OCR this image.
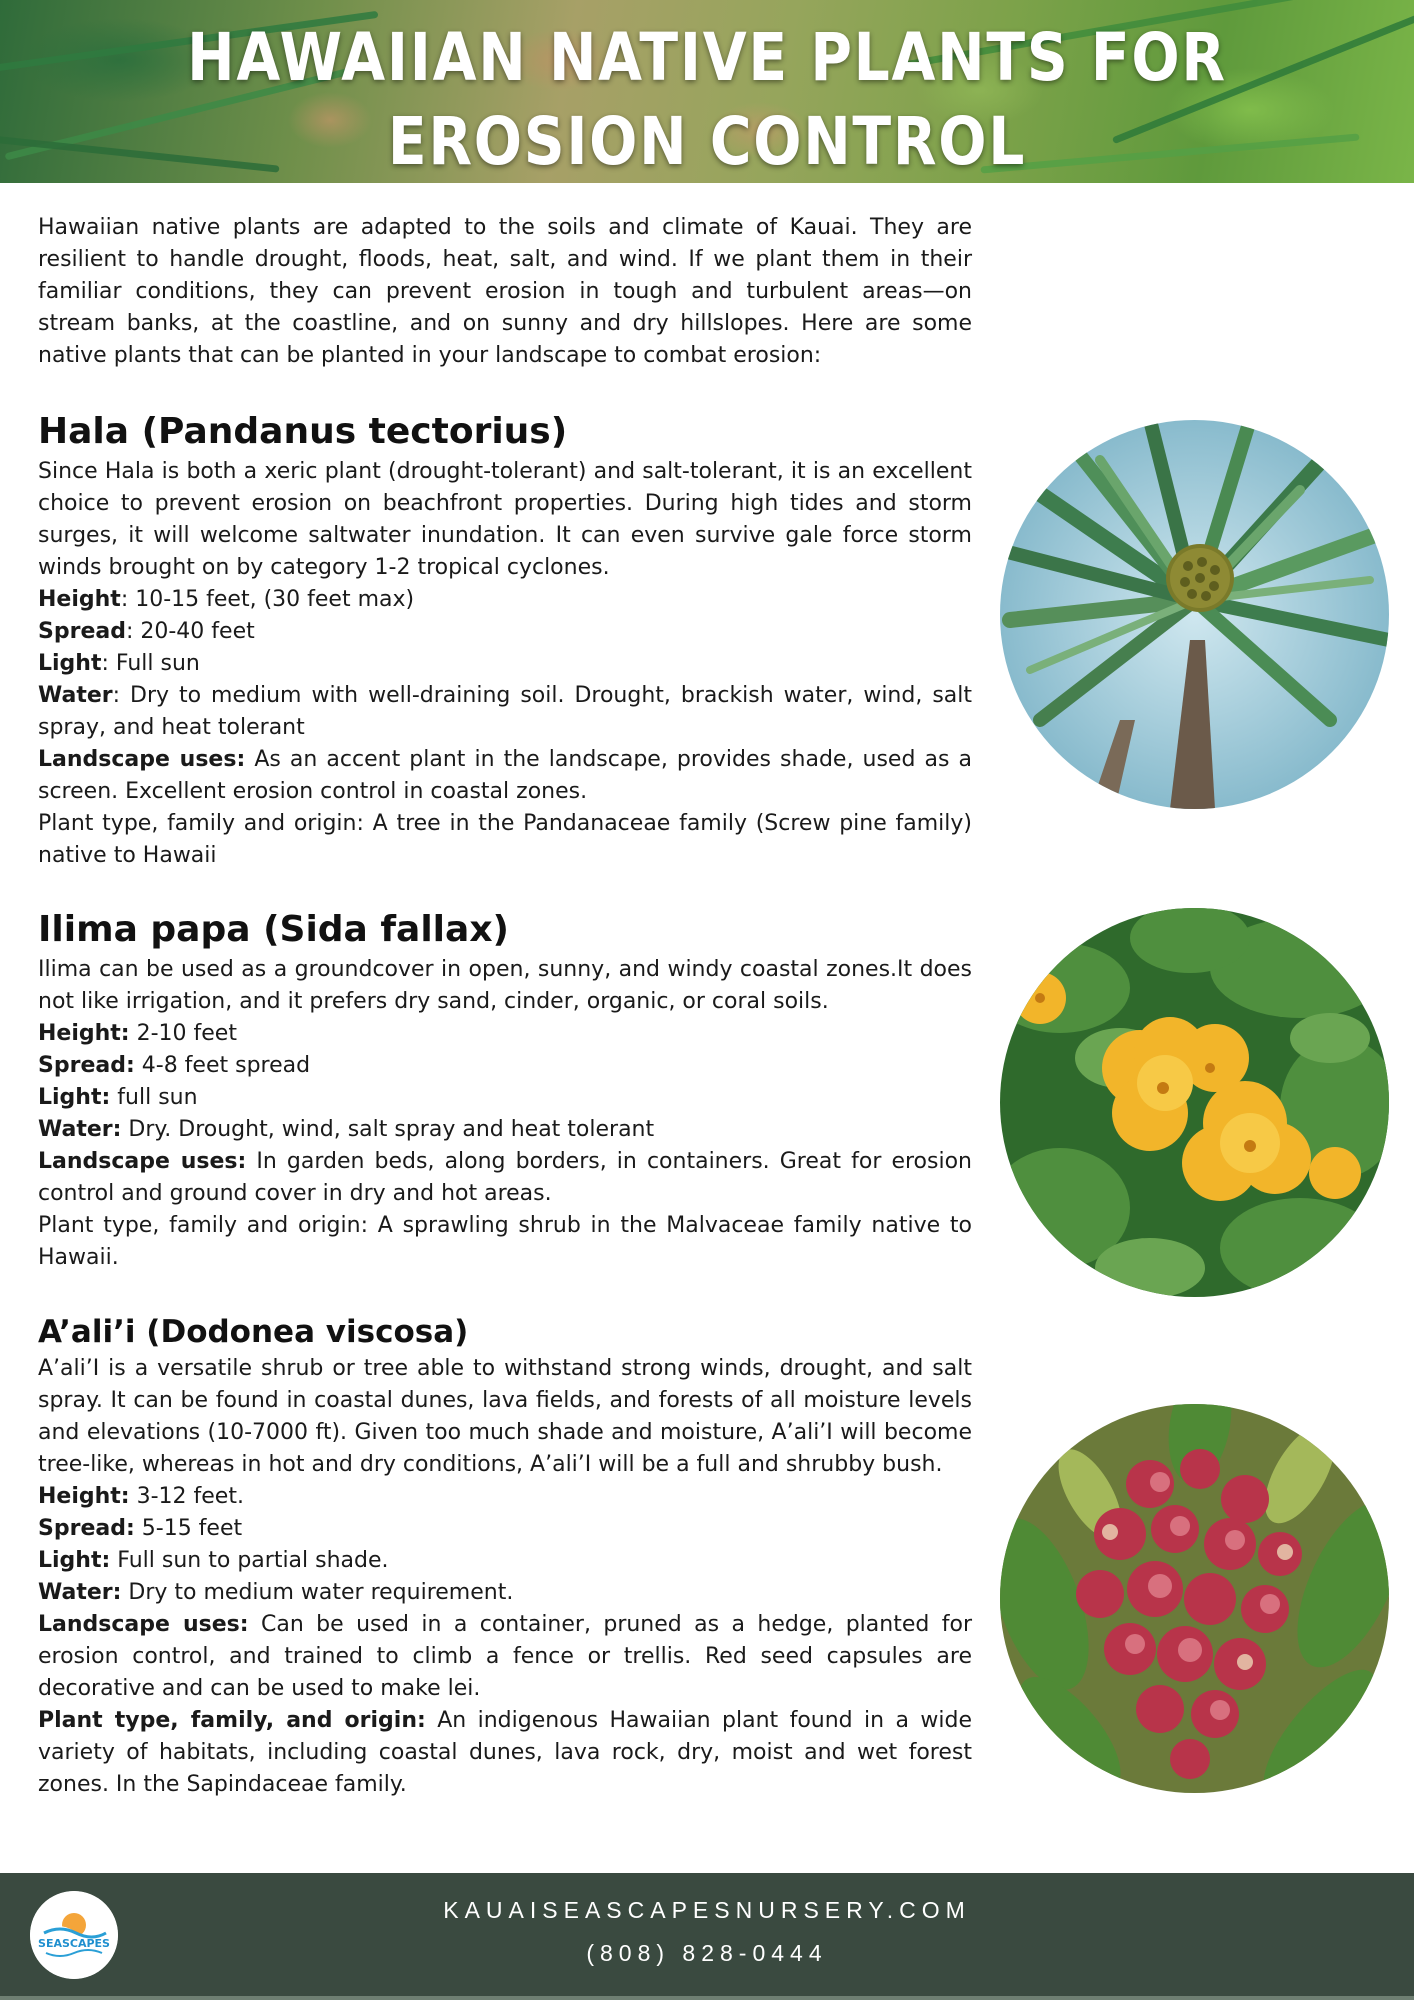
HAWAIIAN NATIVE PLANTS FOR
EROSION CONTROL

Hawaiian native plants are adapted to the soils and climate of Kauai. They are resilient to handle drought, floods, heat, salt, and wind. If we plant them in their familiar conditions, they can prevent erosion in tough and turbulent areas—on stream banks, at the coastline, and on sunny and dry hillslopes. Here are some native plants that can be planted in your landscape to combat erosion:

Hala (Pandanus tectorius)

Since Hala is both a xeric plant (drought-tolerant) and salt-tolerant, it is an excellent choice to prevent erosion on beachfront properties. During high tides and storm surges, it will welcome saltwater inundation. It can even survive gale force storm winds brought on by category 1-2 tropical cyclones.

Height: 10-15 feet, (30 feet max)

Spread: 20-40 feet

Light: Full sun

Water: Dry to medium with well-draining soil. Drought, brackish water, wind, salt spray, and heat tolerant

Landscape uses: As an accent plant in the landscape, provides shade, used as a screen. Excellent erosion control in coastal zones.

Plant type, family and origin: A tree in the Pandanaceae family (Screw pine family) native to Hawaii

Ilima papa (Sida fallax)

Ilima can be used as a groundcover in open, sunny, and windy coastal zones.It does not like irrigation, and it prefers dry sand, cinder, organic, or coral soils.

Height: 2-10 feet

Spread: 4-8 feet spread

Light: full sun

Water: Dry. Drought, wind, salt spray and heat tolerant

Landscape uses: In garden beds, along borders, in containers. Great for erosion control and ground cover in dry and hot areas.

Plant type, family and origin: A sprawling shrub in the Malvaceae family native to Hawaii.

A’ali’i (Dodonea viscosa)

A’ali’I is a versatile shrub or tree able to withstand strong winds, drought, and salt spray. It can be found in coastal dunes, lava fields, and forests of all moisture levels and elevations (10-7000 ft). Given too much shade and moisture, A’ali’I will become tree-like, whereas in hot and dry conditions, A’ali’I will be a full and shrubby bush.

Height: 3-12 feet.

Spread: 5-15 feet

Light: Full sun to partial shade.

Water: Dry to medium water requirement.

Landscape uses: Can be used in a container, pruned as a hedge, planted for erosion control, and trained to climb a fence or trellis. Red seed capsules are decorative and can be used to make lei.

Plant type, family, and origin: An indigenous Hawaiian plant found in a wide variety of habitats, including coastal dunes, lava rock, dry, moist and wet forest zones. In the Sapindaceae family.

SEASCAPES
KAUAISEASCAPESNURSERY.COM
(808) 828-0444
